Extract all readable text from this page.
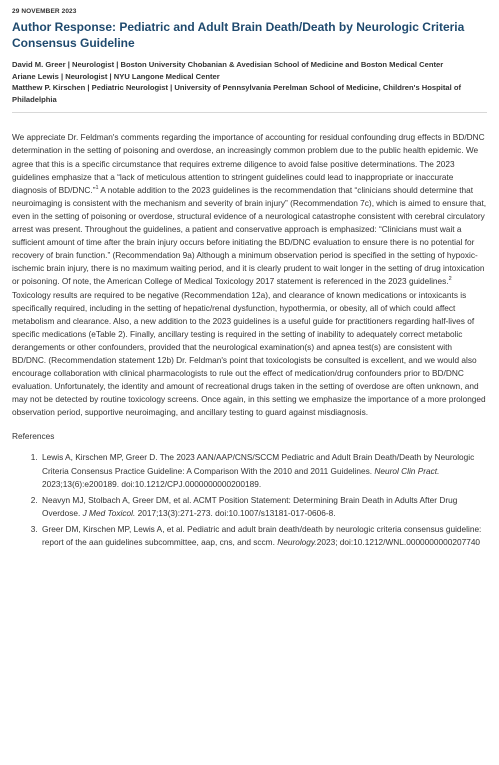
29 NOVEMBER 2023
Author Response: Pediatric and Adult Brain Death/Death by Neurologic Criteria Consensus Guideline
David M. Greer | Neurologist | Boston University Chobanian & Avedisian School of Medicine and Boston Medical Center
Ariane Lewis | Neurologist | NYU Langone Medical Center
Matthew P. Kirschen | Pediatric Neurologist | University of Pennsylvania Perelman School of Medicine, Children's Hospital of Philadelphia

We appreciate Dr. Feldman's comments regarding the importance of accounting for residual confounding drug effects in BD/DNC determination in the setting of poisoning and overdose, an increasingly common problem due to the public health epidemic. We agree that this is a specific circumstance that requires extreme diligence to avoid false positive determinations. The 2023 guidelines emphasize that a “lack of meticulous attention to stringent guidelines could lead to inappropriate or inaccurate diagnosis of BD/DNC.”$^1$ A notable addition to the 2023 guidelines is the recommendation that “clinicians should determine that neuroimaging is consistent with the mechanism and severity of brain injury” (Recommendation 7c), which is aimed to ensure that, even in the setting of poisoning or overdose, structural evidence of a neurological catastrophe consistent with cerebral circulatory arrest was present. Throughout the guidelines, a patient and conservative approach is emphasized: “Clinicians must wait a sufficient amount of time after the brain injury occurs before initiating the BD/DNC evaluation to ensure there is no potential for recovery of brain function.” (Recommendation 9a) Although a minimum observation period is specified in the setting of hypoxic-ischemic brain injury, there is no maximum waiting period, and it is clearly prudent to wait longer in the setting of drug intoxication or poisoning. Of note, the American College of Medical Toxicology 2017 statement is referenced in the 2023 guidelines.$^2$ Toxicology results are required to be negative (Recommendation 12a), and clearance of known medications or intoxicants is specifically required, including in the setting of hepatic/renal dysfunction, hypothermia, or obesity, all of which could affect metabolism and clearance. Also, a new addition to the 2023 guidelines is a useful guide for practitioners regarding half-lives of specific medications (eTable 2). Finally, ancillary testing is required in the setting of inability to adequately correct metabolic derangements or other confounders, provided that the neurological examination(s) and apnea test(s) are consistent with BD/DNC. (Recommendation statement 12b) Dr. Feldman's point that toxicologists be consulted is excellent, and we would also encourage collaboration with clinical pharmacologists to rule out the effect of medication/drug confounders prior to BD/DNC evaluation. Unfortunately, the identity and amount of recreational drugs taken in the setting of overdose are often unknown, and may not be detected by routine toxicology screens. Once again, in this setting we emphasize the importance of a more prolonged observation period, supportive neuroimaging, and ancillary testing to guard against misdiagnosis.

References
1. Lewis A, Kirschen MP, Greer D. The 2023 AAN/AAP/CNS/SCCM Pediatric and Adult Brain Death/Death by Neurologic Criteria Consensus Practice Guideline: A Comparison With the 2010 and 2011 Guidelines. Neurol Clin Pract. 2023;13(6):e200189. doi:10.1212/CPJ.0000000000200189.
2. Neavyn MJ, Stolbach A, Greer DM, et al. ACMT Position Statement: Determining Brain Death in Adults After Drug Overdose. J Med Toxicol. 2017;13(3):271-273. doi:10.1007/s13181-017-0606-8.
3. Greer DM, Kirschen MP, Lewis A, et al. Pediatric and adult brain death/death by neurologic criteria consensus guideline: report of the aan guidelines subcommittee, aap, cns, and sccm. Neurology.2023; doi:10.1212/WNL.0000000000207740
